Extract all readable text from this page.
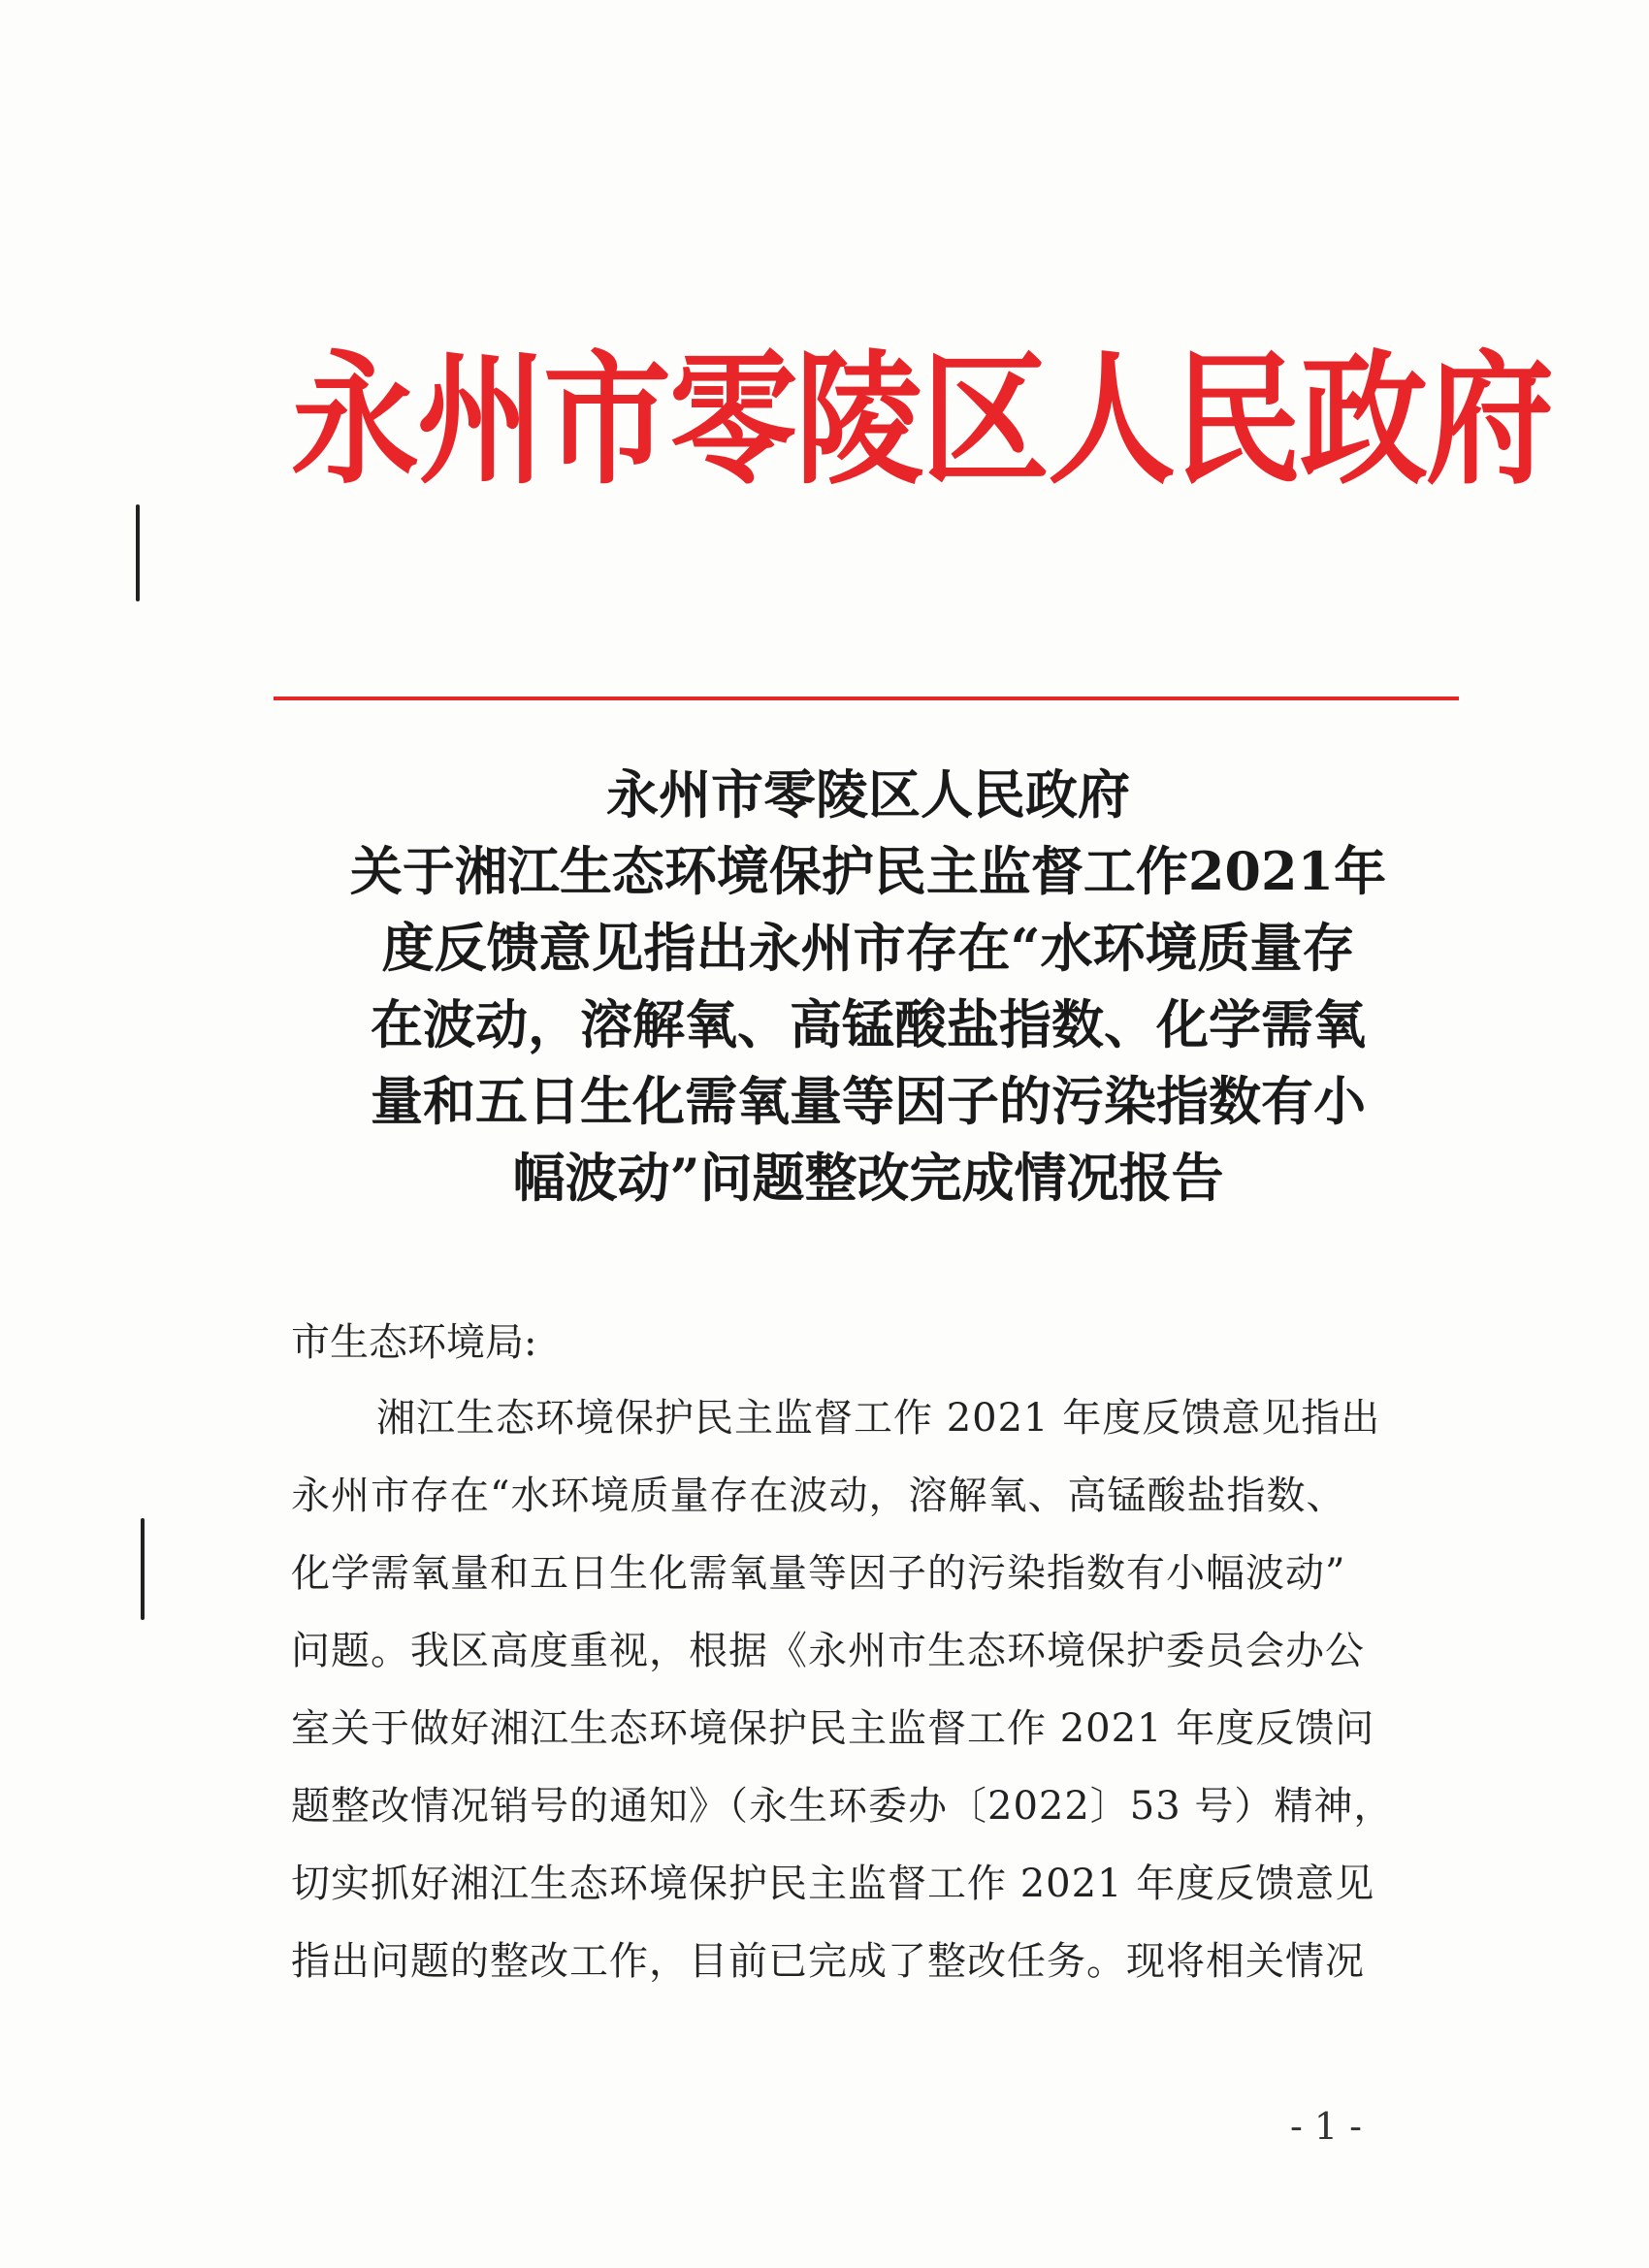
永州市零陵区人民政府
永州市零陵区人民政府
关于湘江生态环境保护民主监督工作2021年
度反馈意见指出永州市存在“水环境质量存
在波动，溶解氧、高锰酸盐指数、化学需氧
量和五日生化需氧量等因子的污染指数有小
幅波动”问题整改完成情况报告
市生态环境局:
湘江生态环境保护民主监督工作 2021 年度反馈意见指出
永州市存在“水环境质量存在波动，溶解氧、高锰酸盐指数、
化学需氧量和五日生化需氧量等因子的污染指数有小幅波动”
问题。我区高度重视，根据《永州市生态环境保护委员会办公
室关于做好湘江生态环境保护民主监督工作 2021 年度反馈问
题整改情况销号的通知》（永生环委办〔2022〕53 号）精神，
切实抓好湘江生态环境保护民主监督工作 2021 年度反馈意见
指出问题的整改工作，目前已完成了整改任务。现将相关情况
- 1 -
